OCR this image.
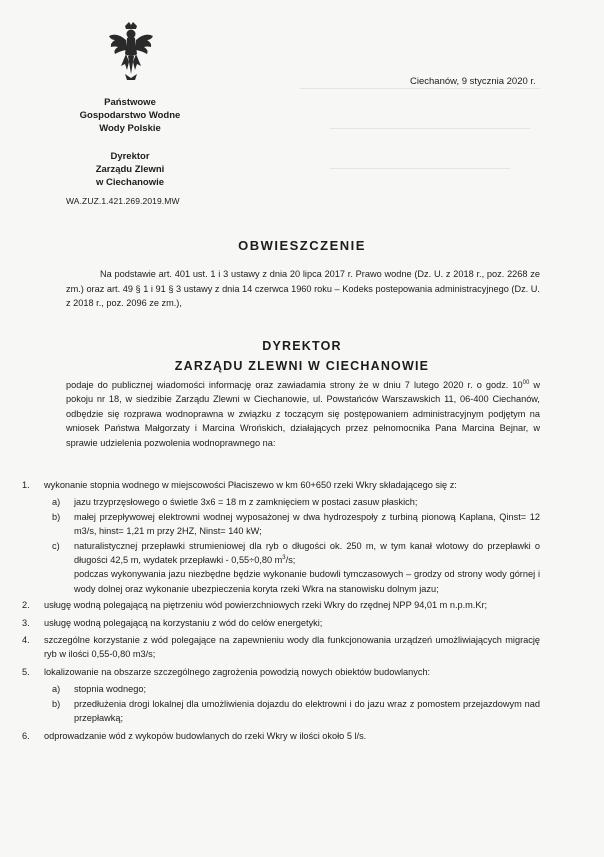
Państwowe
Gospodarstwo Wodne
Wody Polskie
Dyrektor
Zarządu Zlewni
w Ciechanowie
WA.ZUZ.1.421.269.2019.MW
Ciechanów, 9 stycznia 2020 r.
OBWIESZCZENIE
Na podstawie art. 401 ust. 1 i 3 ustawy z dnia 20 lipca 2017 r. Prawo wodne (Dz. U. z 2018 r., poz. 2268 ze zm.) oraz art. 49 § 1 i 91 § 3 ustawy z dnia 14 czerwca 1960 roku – Kodeks postepowania administracyjnego (Dz. U. z 2018 r., poz. 2096 ze zm.),
DYREKTOR
ZARZĄDU ZLEWNI W CIECHANOWIE
podaje do publicznej wiadomości informację oraz zawiadamia strony że w dniu 7 lutego 2020 r. o godz. $10^{00}$ w pokoju nr 18, w siedzibie Zarządu Zlewni w Ciechanowie, ul. Powstańców Warszawskich 11, 06-400 Ciechanów, odbędzie się rozprawa wodnoprawna w związku z toczącym się postępowaniem administracyjnym podjętym na wniosek Państwa Małgorzaty i Marcina Wrońskich, działających przez pełnomocnika Pana Marcina Bejnar, w sprawie udzielenia pozwolenia wodnoprawnego na:
1.	wykonanie stopnia wodnego w miejscowości Płaciszewo w km 60+650 rzeki Wkry składającego się z:
a)	jazu trzyprzęsłowego o świetle 3x6 = 18 m z zamknięciem w postaci zasuw płaskich;
b)	małej przepływowej elektrowni wodnej wyposażonej w dwa hydrozespoły z turbiną pionową Kaplana, Qinst= 12 m3/s, hinst= 1,21 m przy 2HZ, Ninst= 140 kW;
c)	naturalistycznej przepławki strumieniowej dla ryb o długości ok. 250 m, w tym kanał wlotowy do przepławki o długości 42,5 m, wydatek przepławki - 0,55÷0,80 $m^3/s$;
podczas wykonywania jazu niezbędne będzie wykonanie budowli tymczasowych – grodzy od strony wody górnej i wody dolnej oraz wykonanie ubezpieczenia koryta rzeki Wkra na stanowisku dolnym jazu;
2.	usługę wodną polegającą na piętrzeniu wód powierzchniowych rzeki Wkry do rzędnej NPP 94,01 m n.p.m.Kr;
3.	usługę wodną polegającą na korzystaniu z wód do celów energetyki;
4.	szczególne korzystanie z wód polegające na zapewnieniu wody dla funkcjonowania urządzeń umożliwiających migrację ryb w ilości 0,55-0,80 m3/s;
5.	lokalizowanie na obszarze szczególnego zagrożenia powodzią nowych obiektów budowlanych:
a)	stopnia wodnego;
b)	przedłużenia drogi lokalnej dla umożliwienia dojazdu do elektrowni i do jazu wraz z pomostem przejazdowym nad przepławką;
6.	odprowadzanie wód z wykopów budowlanych do rzeki Wkry w ilości około 5 l/s.
